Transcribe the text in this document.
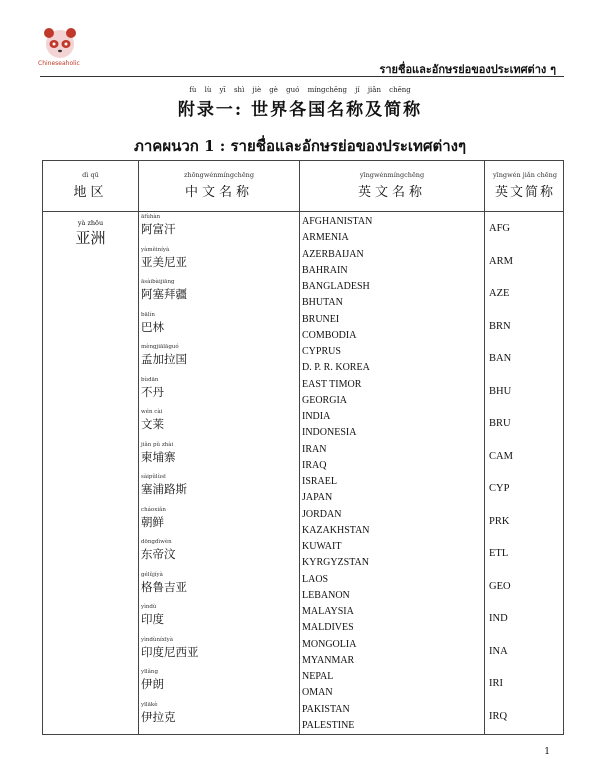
Chineseaholic	รายชื่อและอักษรย่อของประเทศต่าง ๆ
fù lù yī shì jiè gè guó míngchēng jí jiǎn chēng
附录一: 世界各国名称及简称
ภาคผนวก 1 : รายชื่อและอักษรย่อของประเทศต่างๆ
dì qū
地区
zhōngwénmíngchēng
中文名称
yīngwénmíngchēng
英文名称
yīngwén jiǎn chēng
英文简称
yà zhōu
亚洲
āfùhàn
阿富汗
AFGHANISTAN
ARMENIA
AFG
yàměiníyà
亚美尼亚
AZERBAIJAN
BAHRAIN
ARM
āsàibàijiāng
阿塞拜疆
BANGLADESH
BHUTAN
AZE
bālín
巴林
BRUNEI
COMBODIA
BRN
mèngjiālāguó
孟加拉国
CYPRUS
D. P. R. KOREA
BAN
bùdān
不丹
EAST TIMOR
GEORGIA
BHU
wén cài
文莱
INDIA
INDONESIA
BRU
jiǎn pǔ zhài
柬埔寨
IRAN
IRAQ
CAM
sàipǔlùsī
塞浦路斯
ISRAEL
JAPAN
CYP
cháoxiǎn
朝鲜
JORDAN
KAZAKHSTAN
PRK
dōngdìwèn
东帝汶
KUWAIT
KYRGYZSTAN
ETL
gélǔjíyà
格鲁吉亚
LAOS
LEBANON
GEO
yìndù
印度
MALAYSIA
MALDIVES
IND
yìndùníxīyà
印度尼西亚
MONGOLIA
MYANMAR
INA
yīlǎng
伊朗
NEPAL
OMAN
IRI
yīlākè
伊拉克
PAKISTAN
PALESTINE
IRQ
1
